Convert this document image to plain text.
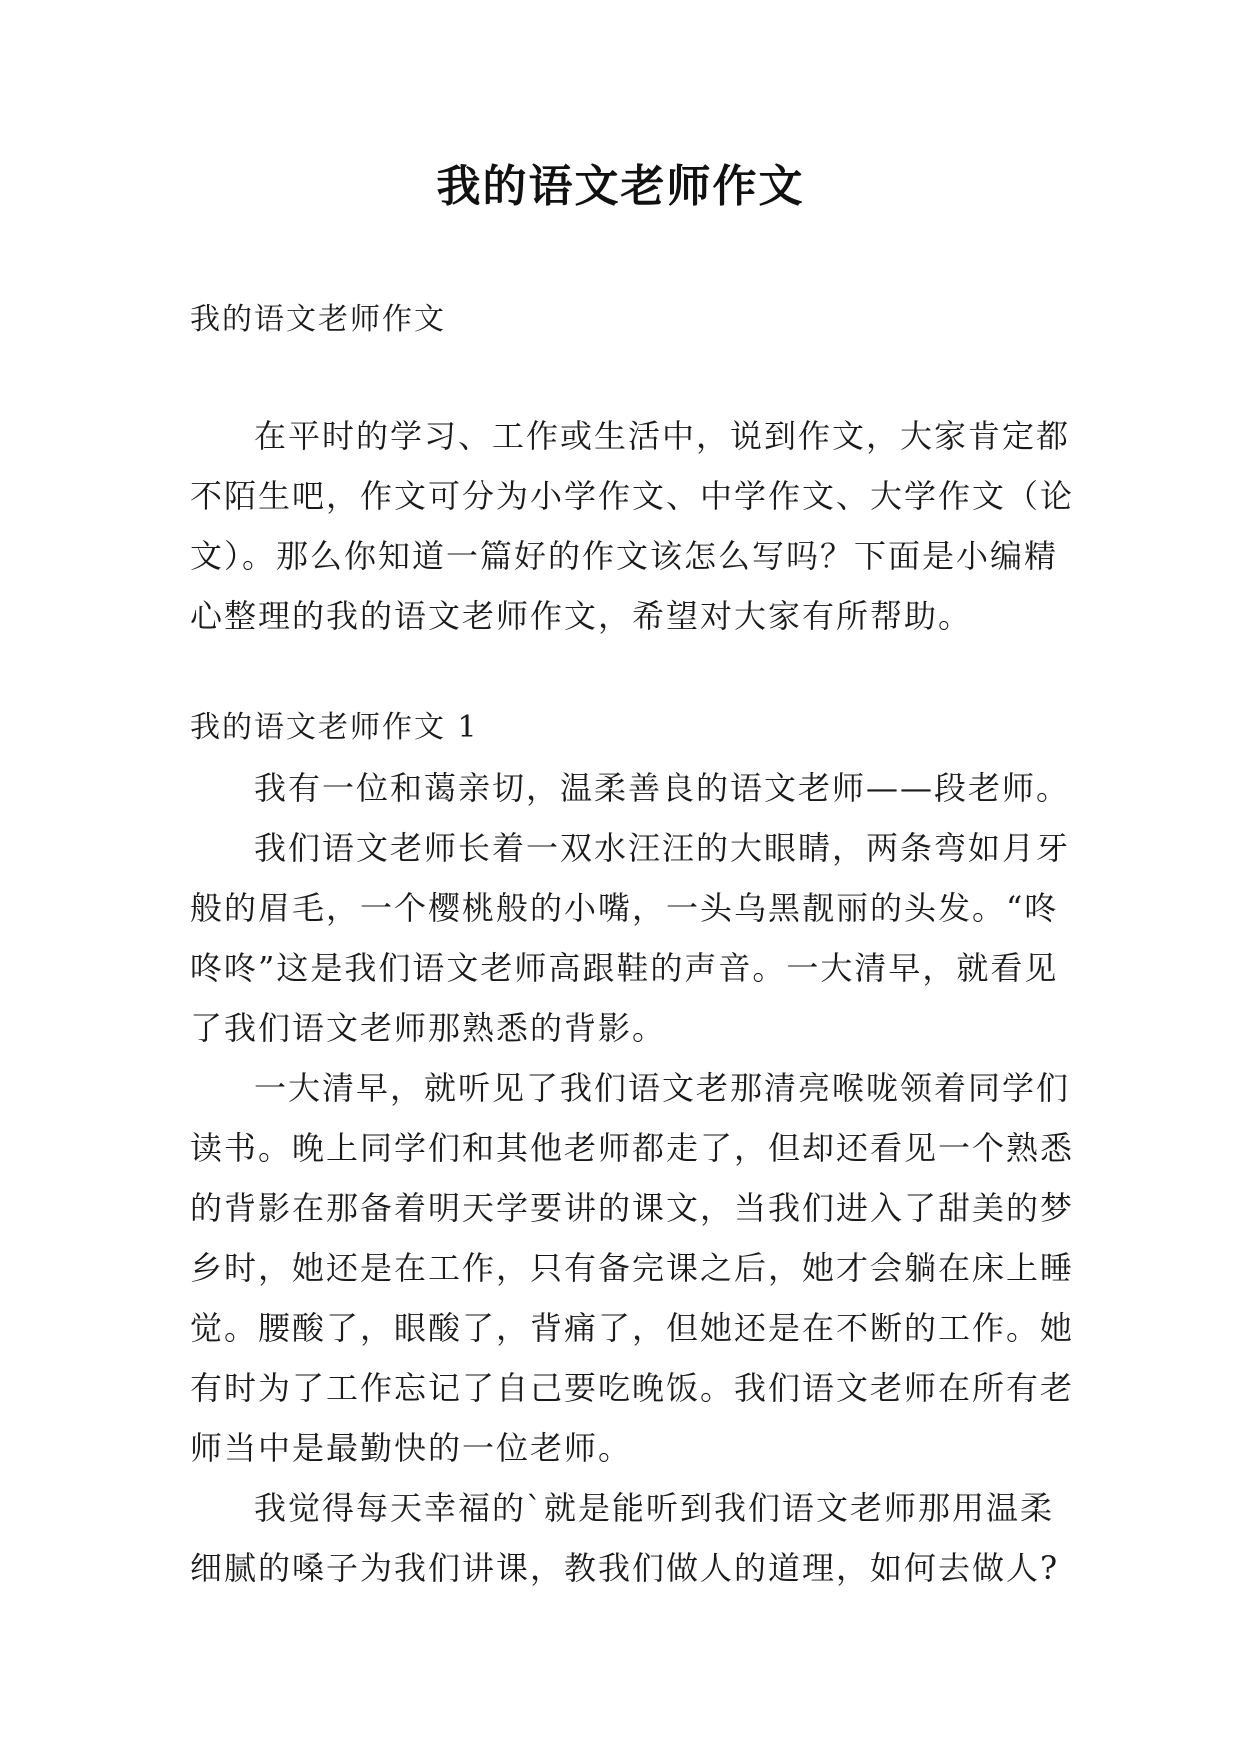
我的语文老师作文
我的语文老师作文
在平时的学习、工作或生活中，说到作文，大家肯定都
不陌生吧，作文可分为小学作文、中学作文、大学作文（论
文）。那么你知道一篇好的作文该怎么写吗？下面是小编精
心整理的我的语文老师作文，希望对大家有所帮助。
我的语文老师作文 1
我有一位和蔼亲切，温柔善良的语文老师——段老师。
我们语文老师长着一双水汪汪的大眼睛，两条弯如月牙
般的眉毛，一个樱桃般的小嘴，一头乌黑靓丽的头发。“咚
咚咚”这是我们语文老师高跟鞋的声音。一大清早，就看见
了我们语文老师那熟悉的背影。
一大清早，就听见了我们语文老那清亮喉咙领着同学们
读书。晚上同学们和其他老师都走了，但却还看见一个熟悉
的背影在那备着明天学要讲的课文，当我们进入了甜美的梦
乡时，她还是在工作，只有备完课之后，她才会躺在床上睡
觉。腰酸了，眼酸了，背痛了，但她还是在不断的工作。她
有时为了工作忘记了自己要吃晚饭。我们语文老师在所有老
师当中是最勤快的一位老师。
我觉得每天幸福的`就是能听到我们语文老师那用温柔
细腻的嗓子为我们讲课，教我们做人的道理，如何去做人?
